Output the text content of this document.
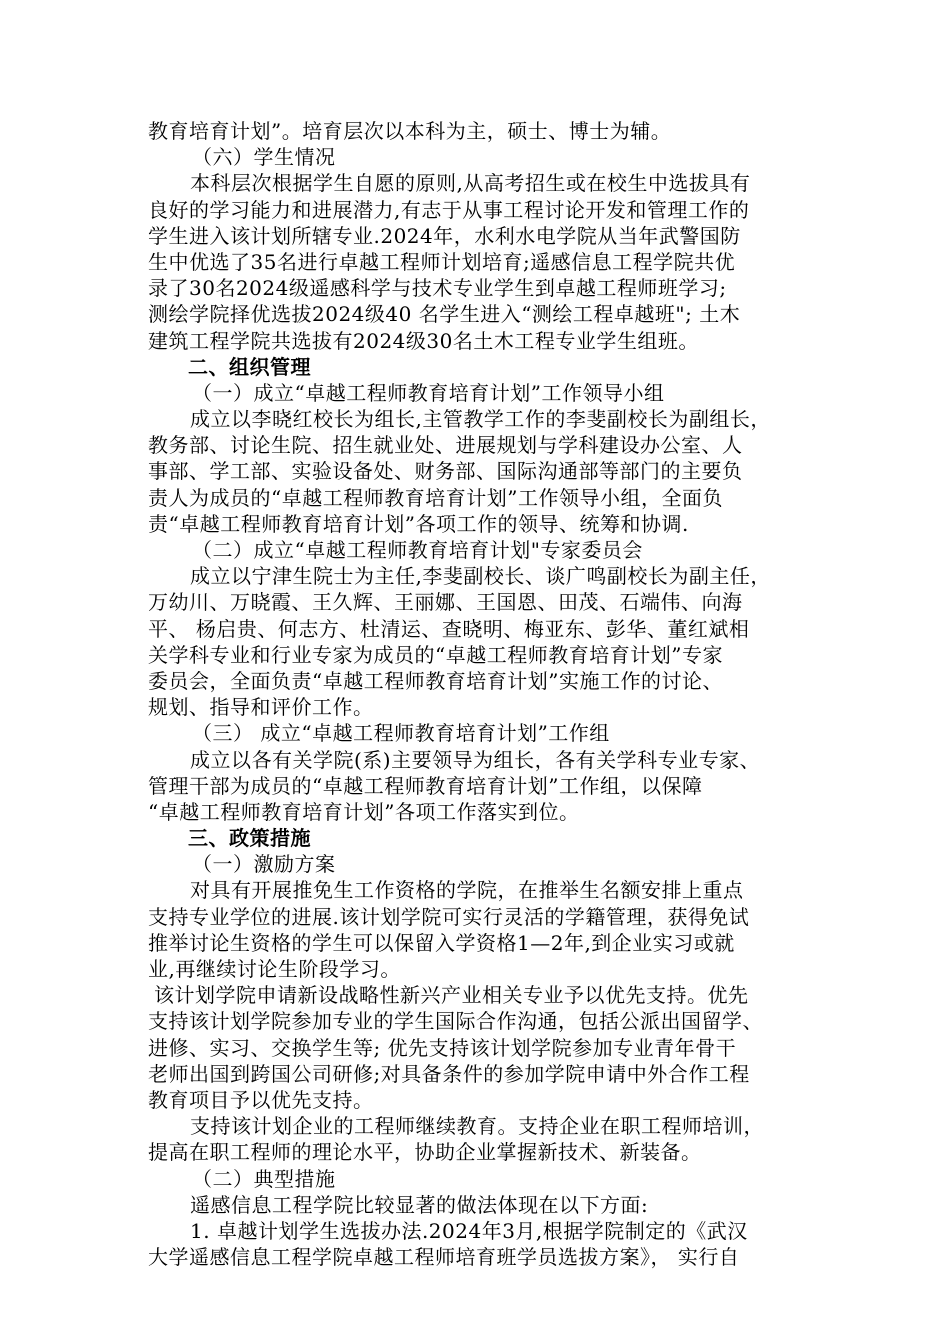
教育培育计划”。培育层次以本科为主，硕士、博士为辅。
（六）学生情况
本科层次根据学生自愿的原则,从高考招生或在校生中选拔具有
良好的学习能力和进展潜力,有志于从事工程讨论开发和管理工作的
学生进入该计划所辖专业.2024年，水利水电学院从当年武警国防
生中优选了35名进行卓越工程师计划培育;遥感信息工程学院共优
录了30名2024级遥感科学与技术专业学生到卓越工程师班学习;
测绘学院择优选拔2024级40 名学生进入“测绘工程卓越班"; 土木
建筑工程学院共选拔有2024级30名土木工程专业学生组班。
二、组织管理
（一）成立“卓越工程师教育培育计划”工作领导小组
成立以李晓红校长为组长,主管教学工作的李斐副校长为副组长，
教务部、讨论生院、招生就业处、进展规划与学科建设办公室、人
事部、学工部、实验设备处、财务部、国际沟通部等部门的主要负
责人为成员的“卓越工程师教育培育计划”工作领导小组，全面负
责“卓越工程师教育培育计划”各项工作的领导、统筹和协调.
（二）成立“卓越工程师教育培育计划"专家委员会
成立以宁津生院士为主任,李斐副校长、谈广鸣副校长为副主任，
万幼川、万晓霞、王久辉、王丽娜、王国恩、田茂、石端伟、向海
平、 杨启贵、何志方、杜清运、查晓明、梅亚东、彭华、董红斌相
关学科专业和行业专家为成员的“卓越工程师教育培育计划”专家
委员会，全面负责“卓越工程师教育培育计划”实施工作的讨论、
规划、指导和评价工作。
（三） 成立“卓越工程师教育培育计划”工作组
成立以各有关学院(系)主要领导为组长，各有关学科专业专家、
管理干部为成员的“卓越工程师教育培育计划”工作组，以保障
“卓越工程师教育培育计划”各项工作落实到位。
三、政策措施
（一）激励方案
对具有开展推免生工作资格的学院，在推举生名额安排上重点
支持专业学位的进展.该计划学院可实行灵活的学籍管理，获得免试
推举讨论生资格的学生可以保留入学资格1—2年,到企业实习或就
业,再继续讨论生阶段学习。
该计划学院申请新设战略性新兴产业相关专业予以优先支持。优先
支持该计划学院参加专业的学生国际合作沟通，包括公派出国留学、
进修、实习、交换学生等; 优先支持该计划学院参加专业青年骨干
老师出国到跨国公司研修;对具备条件的参加学院申请中外合作工程
教育项目予以优先支持。
支持该计划企业的工程师继续教育。支持企业在职工程师培训，
提高在职工程师的理论水平，协助企业掌握新技术、新装备。
（二）典型措施
遥感信息工程学院比较显著的做法体现在以下方面:
1. 卓越计划学生选拔办法.2024年3月,根据学院制定的《武汉
大学遥感信息工程学院卓越工程师培育班学员选拔方案》， 实行自
